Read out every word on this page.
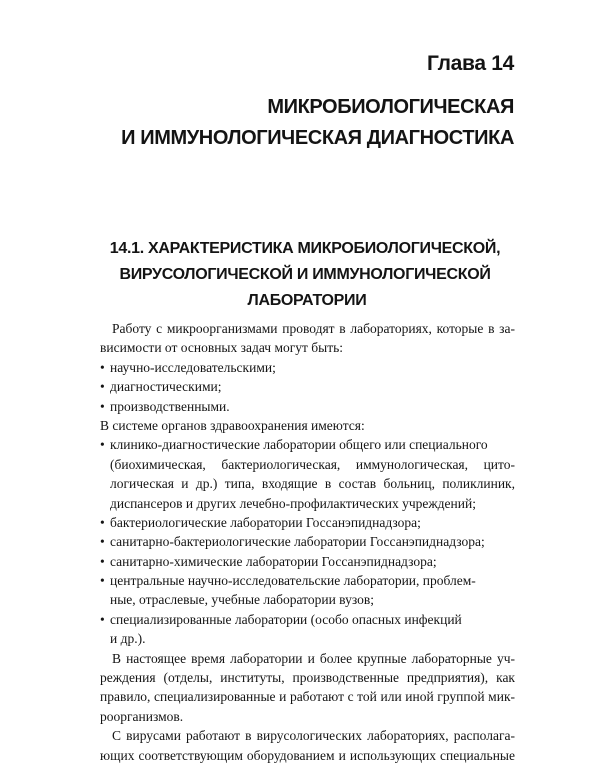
Глава 14
МИКРОБИОЛОГИЧЕСКАЯ
И ИММУНОЛОГИЧЕСКАЯ ДИАГНОСТИКА
14.1. ХАРАКТЕРИСТИКА МИКРОБИОЛОГИЧЕСКОЙ,
ВИРУСОЛОГИЧЕСКОЙ И ИММУНОЛОГИЧЕСКОЙ
ЛАБОРАТОРИИ
Работу с микроорганизмами проводят в лабораториях, которые в за-
висимости от основных задач могут быть:
• научно-исследовательскими;
• диагностическими;
• производственными.
В системе органов здравоохранения имеются:
• клинико-диагностические лаборатории общего или специального
(биохимическая, бактериологическая, иммунологическая, цито-
логическая и др.) типа, входящие в состав больниц, поликлиник,
диспансеров и других лечебно-профилактических учреждений;
• бактериологические лаборатории Госсанэпиднадзора;
• санитарно-бактериологические лаборатории Госсанэпиднадзора;
• санитарно-химические лаборатории Госсанэпиднадзора;
• центральные научно-исследовательские лаборатории, проблем-
ные, отраслевые, учебные лаборатории вузов;
• специализированные лаборатории (особо опасных инфекций
и др.).
В настоящее время лаборатории и более крупные лабораторные уч-
реждения (отделы, институты, производственные предприятия), как
правило, специализированные и работают с той или иной группой мик-
роорганизмов.
С вирусами работают в вирусологических лабораториях, располага-
ющих соответствующим оборудованием и использующих специальные
